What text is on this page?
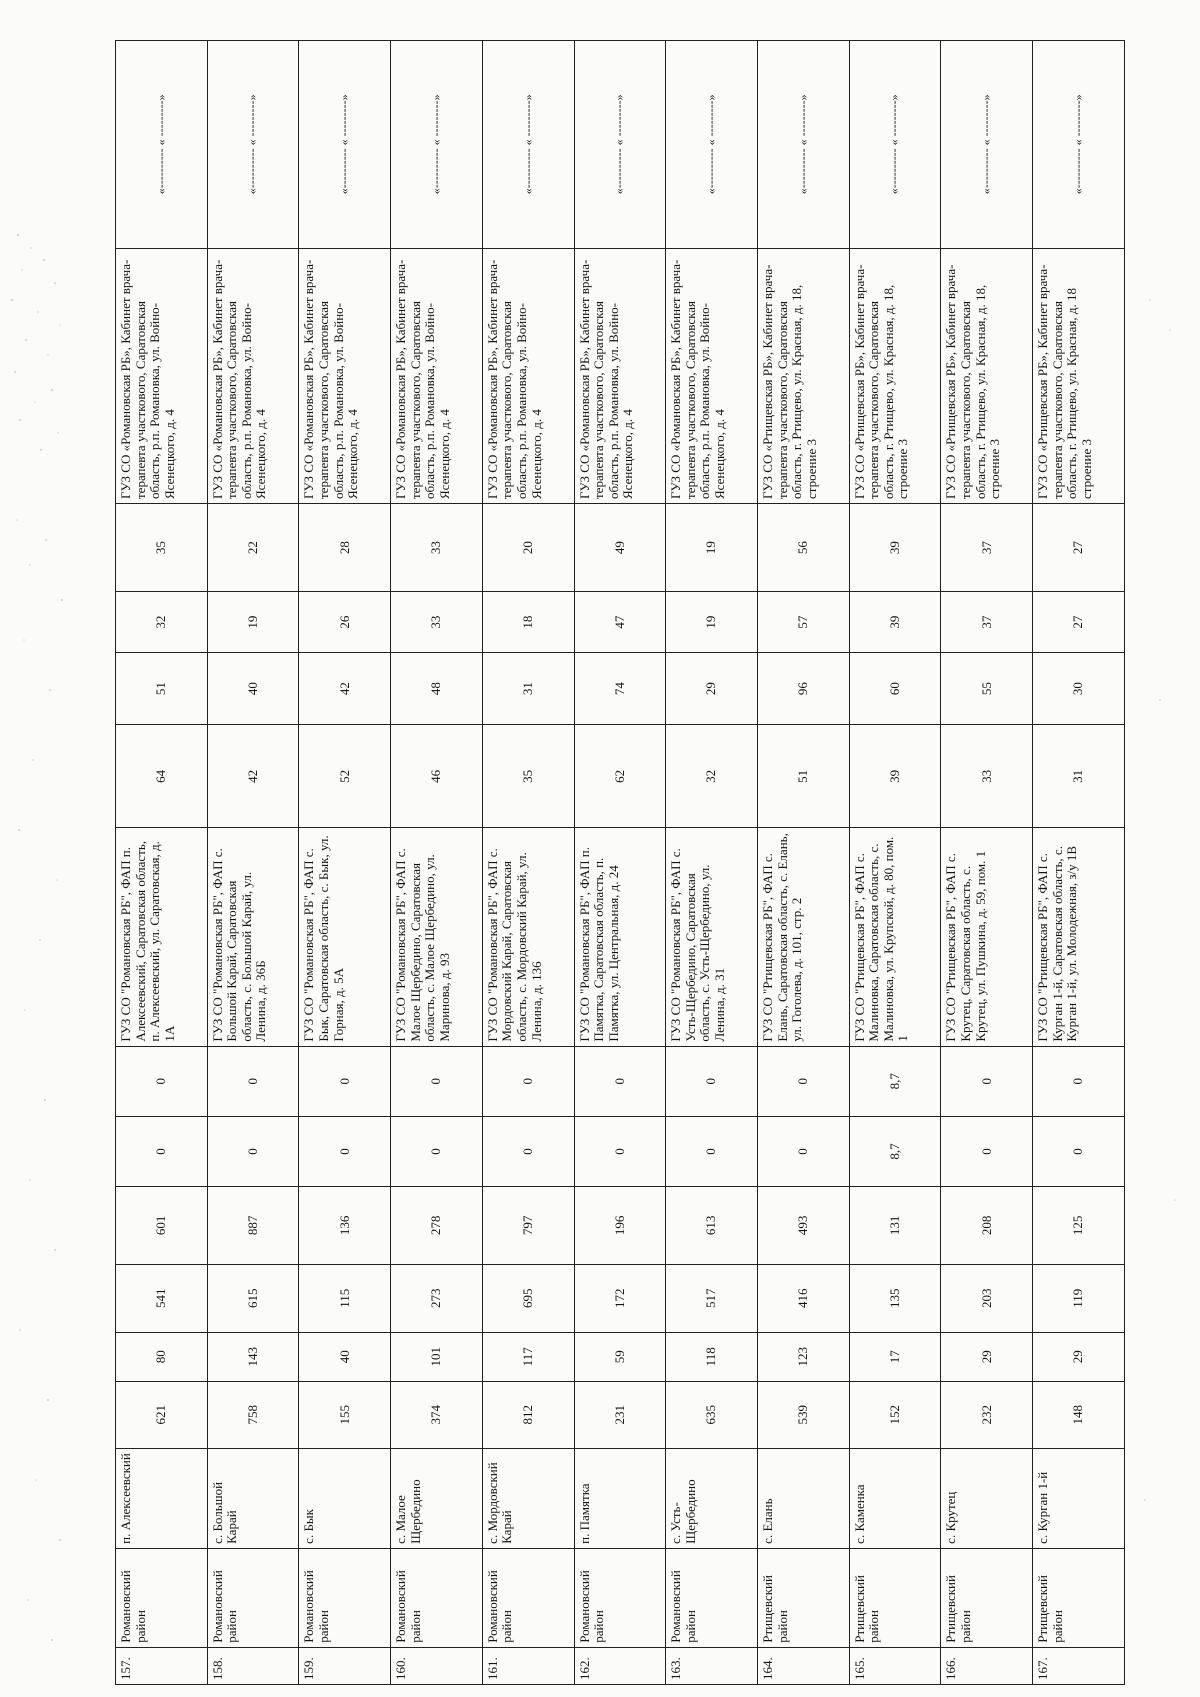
157.	Романовский район	п. Алексеевский	621	80	541	601	0	0	ГУЗ СО "Романовская РБ", ФАП п. Алексеевский, Саратовская область, п. Алексеевский, ул. Саратовская, д. 1А	64	51	32	35	ГУЗ СО «Романовская РБ», Кабинет врача-терапевта участкового, Саратовская область, р.п. Романовка, ул. Войно-Ясенецкого, д. 4	«---------- « ---------»
158.	Романовский район	с. Большой Карай	758	143	615	887	0	0	ГУЗ СО "Романовская РБ", ФАП с. Большой Карай, Саратовская область, с. Большой Карай, ул. Ленина, д. 36Б	42	40	19	22	ГУЗ СО «Романовская РБ», Кабинет врача-терапевта участкового, Саратовская область, р.п. Романовка, ул. Войно-Ясенецкого, д. 4	«---------- « ---------»
159.	Романовский район	с. Бык	155	40	115	136	0	0	ГУЗ СО "Романовская РБ", ФАП с. Бык, Саратовская область, с. Бык, ул. Горная, д. 5А	52	42	26	28	ГУЗ СО «Романовская РБ», Кабинет врача-терапевта участкового, Саратовская область, р.п. Романовка, ул. Войно-Ясенецкого, д. 4	«---------- « ---------»
160.	Романовский район	с. Малое Щербедино	374	101	273	278	0	0	ГУЗ СО "Романовская РБ", ФАП с. Малое Щербедино, Саратовская область, с. Малое Щербедино, ул. Маринова, д. 93	46	48	33	33	ГУЗ СО «Романовская РБ», Кабинет врача-терапевта участкового, Саратовская область, р.п. Романовка, ул. Войно-Ясенецкого, д. 4	«---------- « ---------»
161.	Романовский район	с. Мордовский Карай	812	117	695	797	0	0	ГУЗ СО "Романовская РБ", ФАП с. Мордовский Карай, Саратовская область, с. Мордовский Карай, ул. Ленина, д. 136	35	31	18	20	ГУЗ СО «Романовская РБ», Кабинет врача-терапевта участкового, Саратовская область, р.п. Романовка, ул. Войно-Ясенецкого, д. 4	«---------- « ---------»
162.	Романовский район	п. Памятка	231	59	172	196	0	0	ГУЗ СО "Романовская РБ", ФАП п. Памятка, Саратовская область, п. Памятка, ул. Центральная, д. 24	62	74	47	49	ГУЗ СО «Романовская РБ», Кабинет врача-терапевта участкового, Саратовская область, р.п. Романовка, ул. Войно-Ясенецкого, д. 4	«---------- « ---------»
163.	Романовский район	с. Усть-Щербедино	635	118	517	613	0	0	ГУЗ СО "Романовская РБ", ФАП с. Усть-Щербедино, Саратовская область, с. Усть-Щербедино, ул. Ленина, д. 31	32	29	19	19	ГУЗ СО «Романовская РБ», Кабинет врача-терапевта участкового, Саратовская область, р.п. Романовка, ул. Войно-Ясенецкого, д. 4	«---------- « ---------»
164.	Ртищевский район	с. Елань	539	123	416	493	0	0	ГУЗ СО "Ртищевская РБ", ФАП с. Елань, Саратовская область, с. Елань, ул. Гоголева, д. 101, стр. 2	51	96	57	56	ГУЗ СО «Ртищевская РБ», Кабинет врача-терапевта участкового, Саратовская область, г. Ртищево, ул. Красная, д. 18, строение 3	«---------- « ---------»
165.	Ртищевский район	с. Каменка	152	17	135	131	8,7	8,7	ГУЗ СО "Ртищевская РБ", ФАП с. Малиновка, Саратовская область, с. Малиновка, ул. Крупской, д. 80, пом. 1	39	60	39	39	ГУЗ СО «Ртищевская РБ», Кабинет врача-терапевта участкового, Саратовская область, г. Ртищево, ул. Красная, д. 18, строение 3	«---------- « ---------»
166.	Ртищевский район	с. Крутец	232	29	203	208	0	0	ГУЗ СО "Ртищевская РБ", ФАП с. Крутец, Саратовская область, с. Крутец, ул. Пушкина, д. 59, пом. 1	33	55	37	37	ГУЗ СО «Ртищевская РБ», Кабинет врача-терапевта участкового, Саратовская область, г. Ртищево, ул. Красная, д. 18, строение 3	«---------- « ---------»
167.	Ртищевский район	с. Курган 1-й	148	29	119	125	0	0	ГУЗ СО "Ртищевская РБ", ФАП с. Курган 1-й, Саратовская область, с. Курган 1-й, ул. Молодежная, з/у 1В	31	30	27	27	ГУЗ СО «Ртищевская РБ», Кабинет врача-терапевта участкового, Саратовская область, г. Ртищево, ул. Красная, д. 18 строение 3	«---------- « ---------»
